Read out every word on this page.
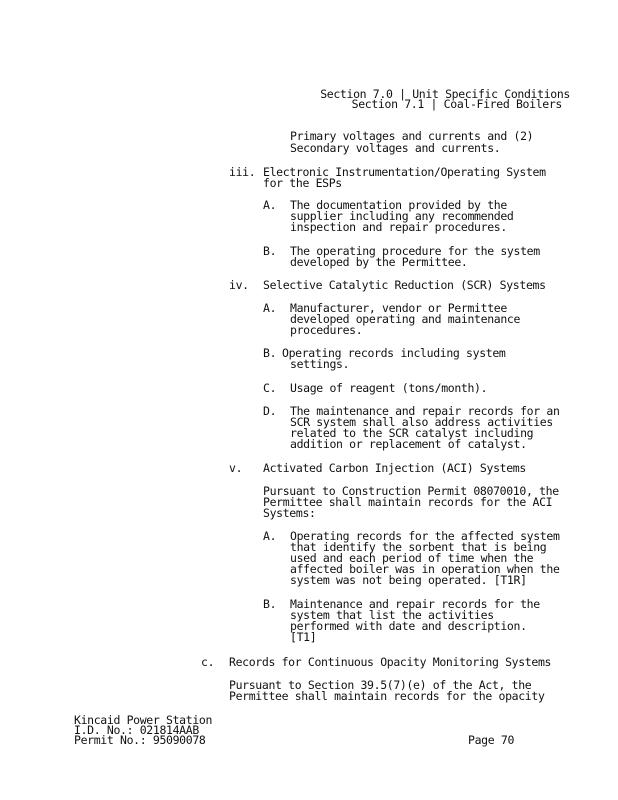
Section 7.0 | Unit Specific Conditions
Section 7.1 | Coal-Fired Boilers
Primary voltages and currents and (2)
Secondary voltages and currents.
iii. Electronic Instrumentation/Operating System
for the ESPs
A. The documentation provided by the
supplier including any recommended
inspection and repair procedures.
B. The operating procedure for the system
developed by the Permittee.
iv. Selective Catalytic Reduction (SCR) Systems
A. Manufacturer, vendor or Permittee
developed operating and maintenance
procedures.
B. Operating records including system
settings.
C. Usage of reagent (tons/month).
D. The maintenance and repair records for an
SCR system shall also address activities
related to the SCR catalyst including
addition or replacement of catalyst.
v. Activated Carbon Injection (ACI) Systems
Pursuant to Construction Permit 08070010, the
Permittee shall maintain records for the ACI
Systems:
A. Operating records for the affected system
that identify the sorbent that is being
used and each period of time when the
affected boiler was in operation when the
system was not being operated. [T1R]
B. Maintenance and repair records for the
system that list the activities
performed with date and description.
[T1]
c. Records for Continuous Opacity Monitoring Systems
Pursuant to Section 39.5(7)(e) of the Act, the
Permittee shall maintain records for the opacity
Kincaid Power Station
I.D. No.: 021814AAB
Permit No.: 95090078	Page 70
